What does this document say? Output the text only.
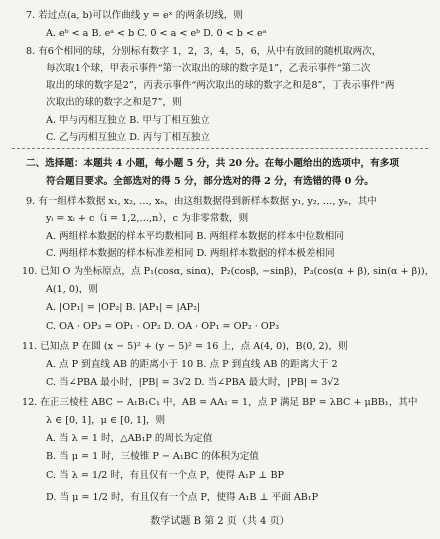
7. 若过点(a, b)可以作曲线 y = eˣ 的两条切线，则
A. eᵇ < a B. eᵃ < b C. 0 < a < eᵇ D. 0 < b < eᵃ
8. 有6个相同的球，分别标有数字 1，2，3，4，5，6，从中有放回的随机取两次，
每次取1个球，甲表示事件“第一次取出的球的数字是1”，乙表示事件“第二次
取出的球的数字是2”，丙表示事件“两次取出的球的数字之和是8”，丁表示事件“两
次取出的球的数字之和是7”，则
A. 甲与丙相互独立 B. 甲与丁相互独立
C. 乙与丙相互独立 D. 丙与丁相互独立
二、选择题：本题共 4 小题，每小题 5 分，共 20 分。在每小题给出的选项中，有多项
符合题目要求。全部选对的得 5 分，部分选对的得 2 分，有选错的得 0 分。
9. 有一组样本数据 x₁, x₂, …, xₙ，由这组数据得到新样本数据 y₁, y₂, …, yₙ，其中
yᵢ = xᵢ + c（i = 1,2,…,n），c 为非零常数，则
A. 两组样本数据的样本平均数相同 B. 两组样本数据的样本中位数相同
C. 两组样本数据的样本标准差相同 D. 两组样本数据的样本极差相同
10. 已知 O 为坐标原点，点 P₁(cosα, sinα)，P₂(cosβ, −sinβ)，P₃(cos(α + β), sin(α + β))，
A(1, 0)，则
A. |OP₁| = |OP₂| B. |AP₁| = |AP₂|
C. OA · OP₃ = OP₁ · OP₂ D. OA · OP₁ = OP₂ · OP₃
11. 已知点 P 在圆 (x − 5)² + (y − 5)² = 16 上，点 A(4, 0)，B(0, 2)，则
A. 点 P 到直线 AB 的距离小于 10 B. 点 P 到直线 AB 的距离大于 2
C. 当∠PBA 最小时，|PB| = 3√2 D. 当∠PBA 最大时，|PB| = 3√2
12. 在正三棱柱 ABC − A₁B₁C₁ 中，AB = AA₁ = 1，点 P 满足 BP = λBC + μBB₁，其中
λ ∈ [0, 1]，μ ∈ [0, 1]，则
A. 当 λ = 1 时，△AB₁P 的周长为定值
B. 当 μ = 1 时，三棱锥 P − A₁BC 的体积为定值
C. 当 λ = 1/2 时，有且仅有一个点 P，使得 A₁P ⊥ BP
D. 当 μ = 1/2 时，有且仅有一个点 P，使得 A₁B ⊥ 平面 AB₁P
数学试题 B 第 2 页（共 4 页）
